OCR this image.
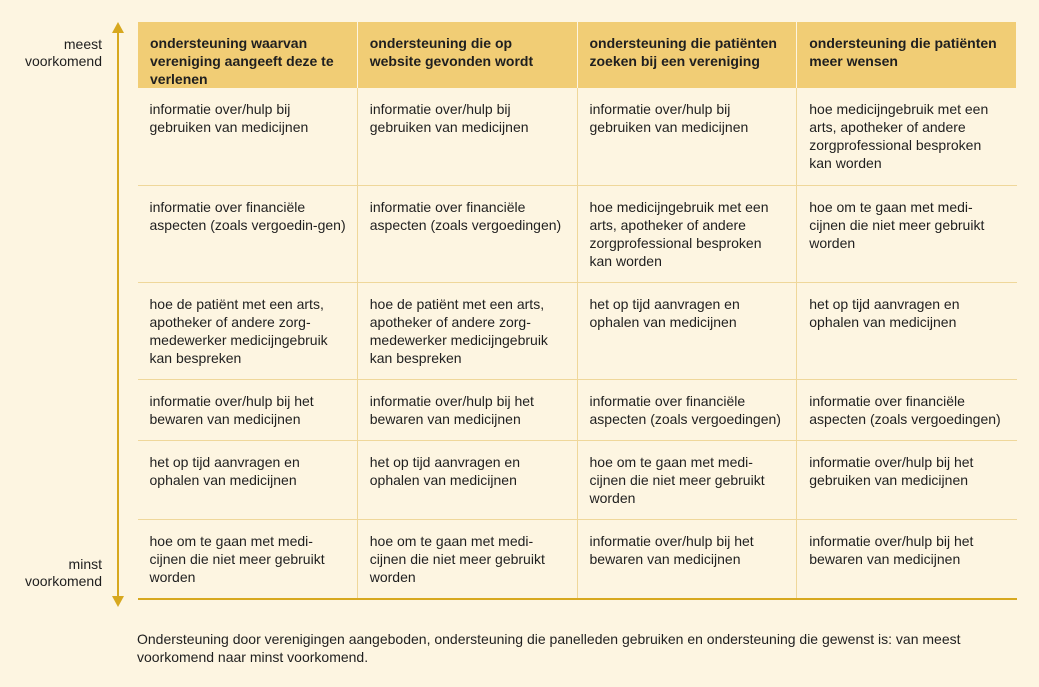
meest
voorkomend
minst
voorkomend
ondersteuning waarvan vereniging aangeeft deze te verlenen	ondersteuning die op website gevonden wordt	ondersteuning die patiënten zoeken bij een vereniging	ondersteuning die patiënten meer wensen
informatie over/hulp bij gebruiken van medicijnen	informatie over/hulp bij gebruiken van medicijnen	informatie over/hulp bij gebruiken van medicijnen	hoe medicijngebruik met een arts, apotheker of andere zorgprofessional besproken kan worden
informatie over financiële aspecten (zoals vergoedin-gen)	informatie over financiële aspecten (zoals vergoedingen)	hoe medicijngebruik met een arts, apotheker of andere zorgprofessional besproken kan worden	hoe om te gaan met medi-cijnen die niet meer gebruikt worden
hoe de patiënt met een arts, apotheker of andere zorg-medewerker medicijngebruik kan bespreken	hoe de patiënt met een arts, apotheker of andere zorg-medewerker medicijngebruik kan bespreken	het op tijd aanvragen en ophalen van medicijnen	het op tijd aanvragen en ophalen van medicijnen
informatie over/hulp bij het bewaren van medicijnen	informatie over/hulp bij het bewaren van medicijnen	informatie over financiële aspecten (zoals vergoedingen)	informatie over financiële aspecten (zoals vergoedingen)
het op tijd aanvragen en ophalen van medicijnen	het op tijd aanvragen en ophalen van medicijnen	hoe om te gaan met medi-cijnen die niet meer gebruikt worden	informatie over/hulp bij het gebruiken van medicijnen
hoe om te gaan met medi-cijnen die niet meer gebruikt worden	hoe om te gaan met medi-cijnen die niet meer gebruikt worden	informatie over/hulp bij het bewaren van medicijnen	informatie over/hulp bij het bewaren van medicijnen
Ondersteuning door verenigingen aangeboden, ondersteuning die panelleden gebruiken en ondersteuning die gewenst is: van meest voorkomend naar minst voorkomend.
